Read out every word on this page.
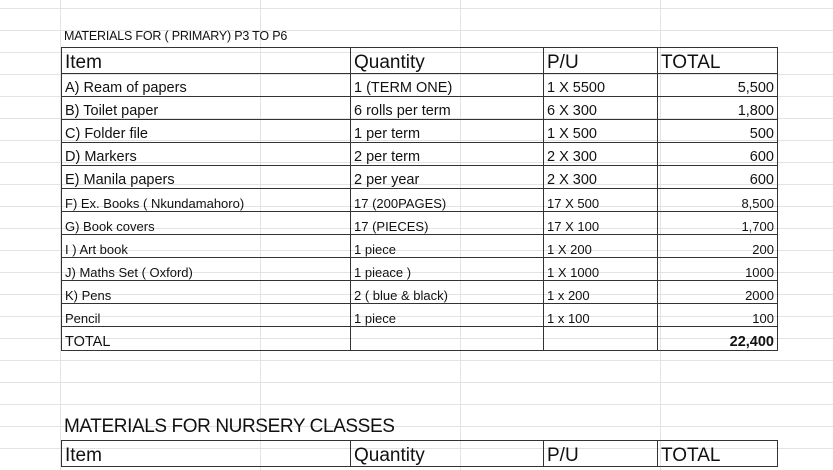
MATERIALS FOR ( PRIMARY) P3 TO P6
Item	Quantity	P/U	TOTAL
A) Ream of papers	1 (TERM ONE)	1 X 5500	5,500
B) Toilet paper	6 rolls per term	6 X 300	1,800
C) Folder file	1 per term	1 X 500	500
D) Markers	2 per term	2 X 300	600
E) Manila papers	2 per year	2 X 300	600
F) Ex. Books ( Nkundamahoro)	17 (200PAGES)	17 X 500	8,500
G) Book covers	17 (PIECES)	17 X 100	1,700
I ) Art book	1 piece	1 X 200	200
J) Maths Set ( Oxford)	1 pieace )	1 X 1000	1000
K) Pens	2 ( blue & black)	1 x 200	2000
Pencil	1 piece	1 x 100	100
TOTAL			22,400
MATERIALS FOR NURSERY CLASSES
Item	Quantity	P/U	TOTAL
